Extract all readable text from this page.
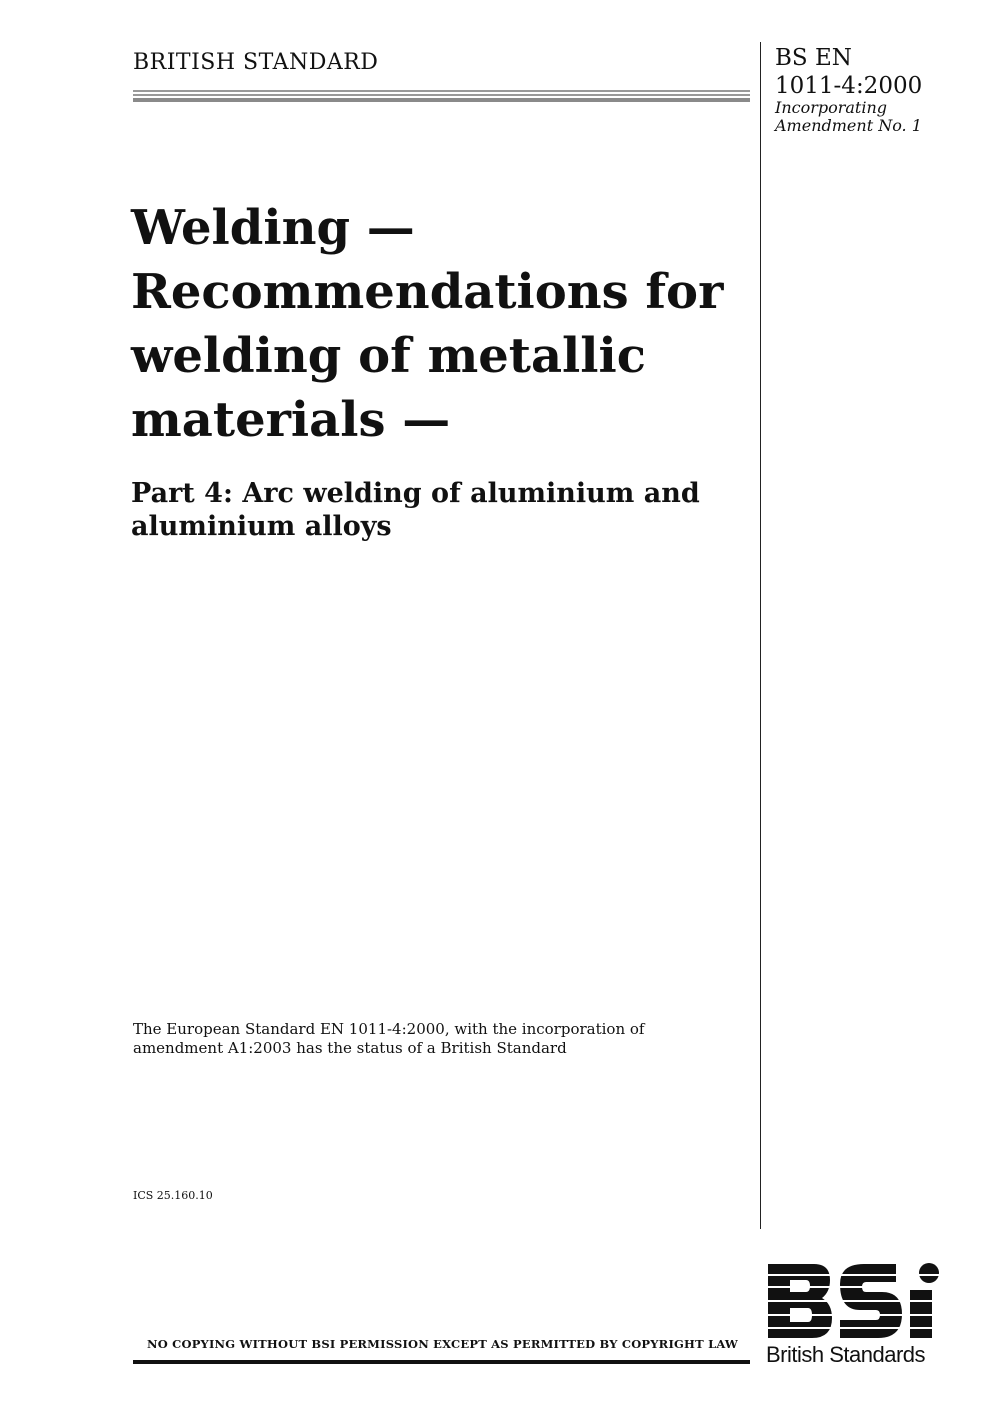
BRITISH STANDARD	BS EN
1011-4:2000
Incorporating
Amendment No. 1
Welding —
Recommendations for
welding of metallic
materials —
Part 4: Arc welding of aluminium and
aluminium alloys
The European Standard EN 1011-4:2000, with the incorporation of
amendment A1:2003 has the status of a British Standard
ICS 25.160.10
NO COPYING WITHOUT BSI PERMISSION EXCEPT AS PERMITTED BY COPYRIGHT LAW British Standards
